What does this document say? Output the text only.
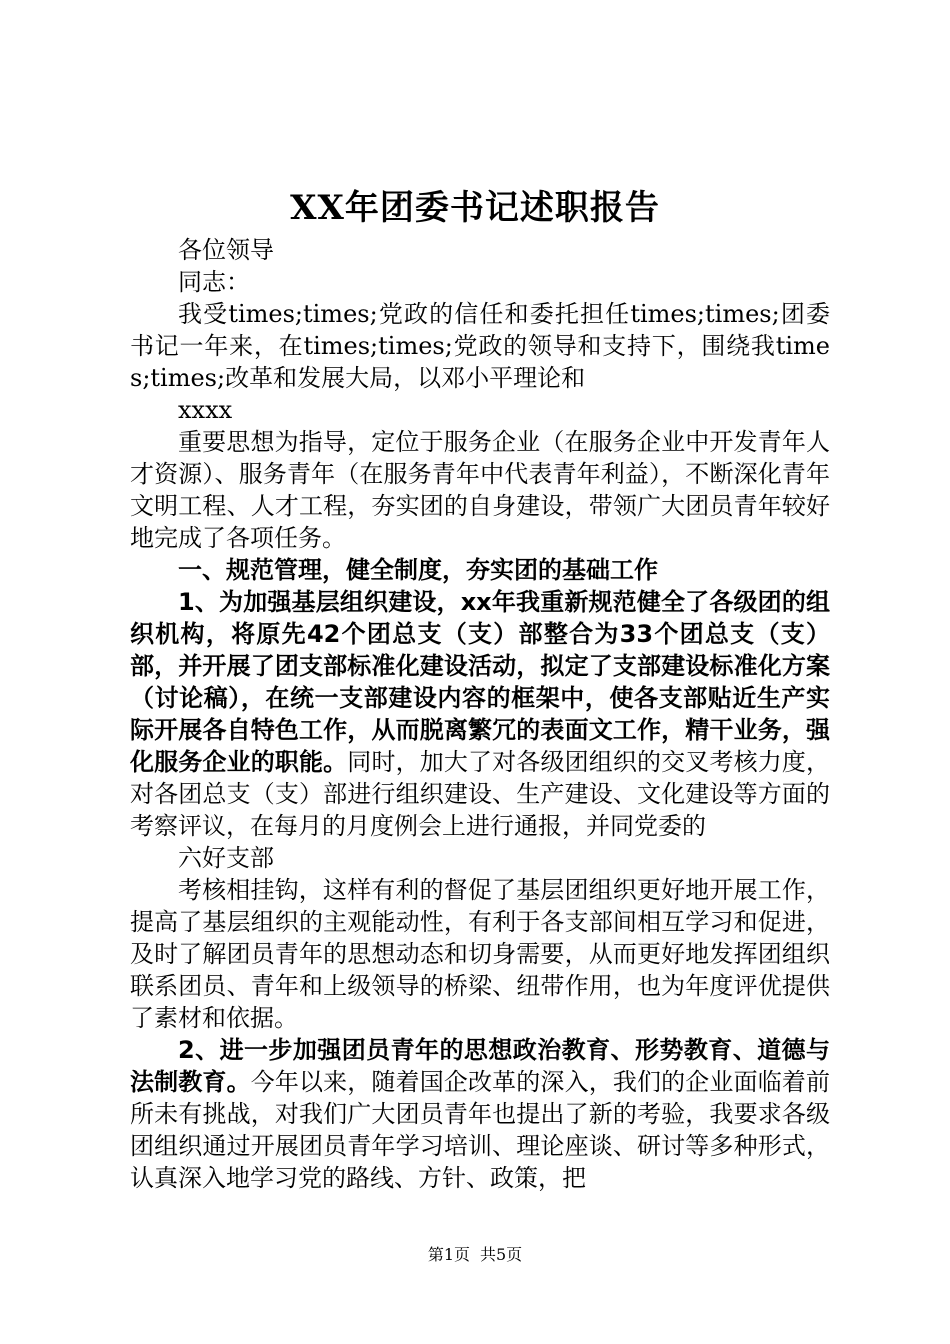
XX年团委书记述职报告

各位领导

同志：

我受times;times;党政的信任和委托担任times;times;团委书记一年来，在times;times;党政的领导和支持下，围绕我times;times;改革和发展大局，以邓小平理论和

xxxx

重要思想为指导，定位于服务企业（在服务企业中开发青年人才资源）、服务青年（在服务青年中代表青年利益），不断深化青年文明工程、人才工程，夯实团的自身建设，带领广大团员青年较好地完成了各项任务。

一、规范管理，健全制度，夯实团的基础工作

1、为加强基层组织建设，xx年我重新规范健全了各级团的组织机构，将原先42个团总支（支）部整合为33个团总支（支）部，并开展了团支部标准化建设活动，拟定了支部建设标准化方案（讨论稿），在统一支部建设内容的框架中，使各支部贴近生产实际开展各自特色工作，从而脱离繁冗的表面文工作，精干业务，强化服务企业的职能。同时，加大了对各级团组织的交叉考核力度，对各团总支（支）部进行组织建设、生产建设、文化建设等方面的考察评议，在每月的月度例会上进行通报，并同党委的

六好支部

考核相挂钩，这样有利的督促了基层团组织更好地开展工作，提高了基层组织的主观能动性，有利于各支部间相互学习和促进，及时了解团员青年的思想动态和切身需要，从而更好地发挥团组织联系团员、青年和上级领导的桥梁、纽带作用，也为年度评优提供了素材和依据。

2、进一步加强团员青年的思想政治教育、形势教育、道德与法制教育。今年以来，随着国企改革的深入，我们的企业面临着前所未有挑战，对我们广大团员青年也提出了新的考验，我要求各级团组织通过开展团员青年学习培训、理论座谈、研讨等多种形式，认真深入地学习党的路线、方针、政策，把

第1页 共5页
